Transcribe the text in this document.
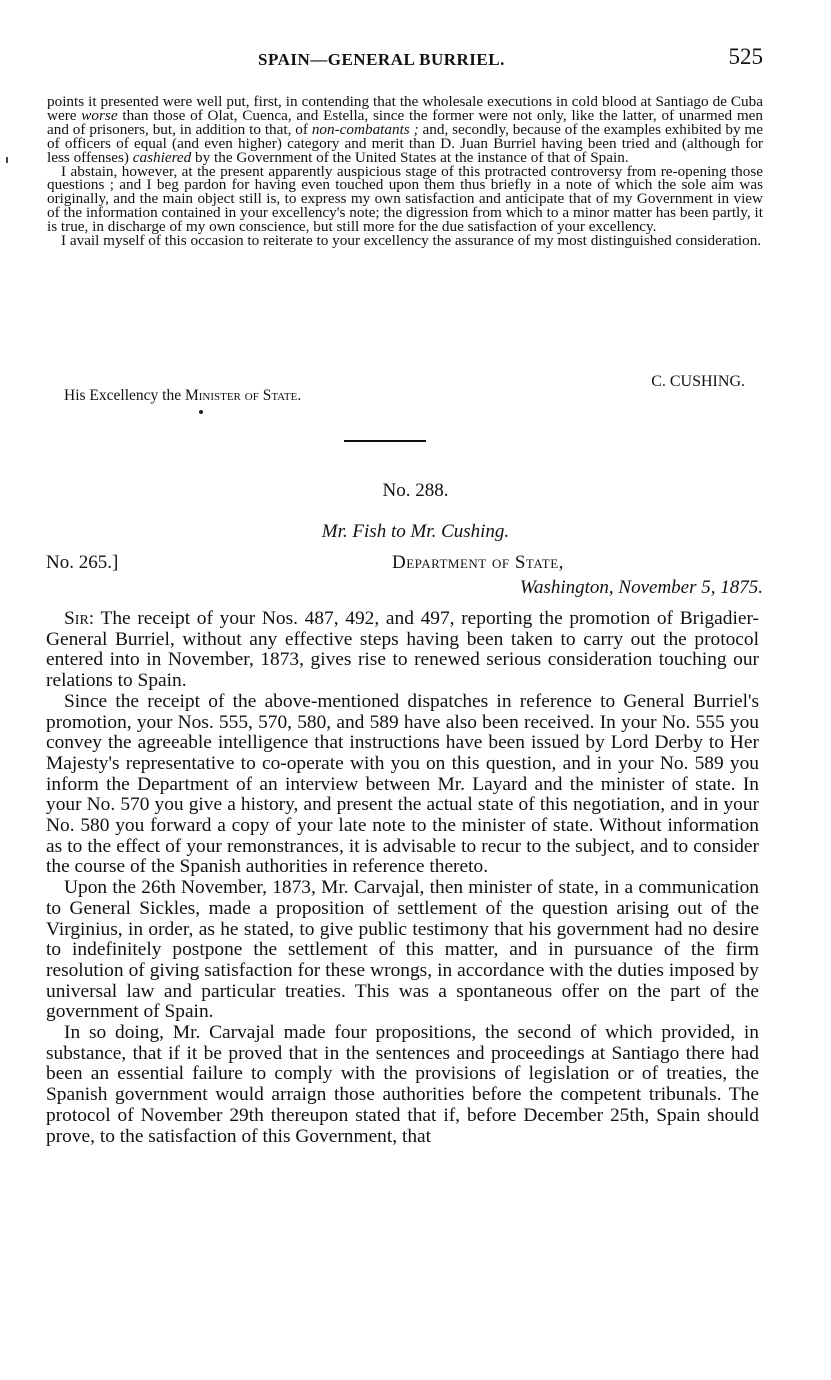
SPAIN—GENERAL BURRIEL.	525

points it presented were well put, first, in contending that the wholesale executions in cold blood at Santiago de Cuba were worse than those of Olat, Cuenca, and Estella, since the former were not only, like the latter, of unarmed men and of prisoners, but, in addition to that, of non-combatants ; and, secondly, because of the examples exhibited by me of officers of equal (and even higher) category and merit than D. Juan Burriel having been tried and (although for less offenses) cashiered by the Government of the United States at the instance of that of Spain.

I abstain, however, at the present apparently auspicious stage of this protracted controversy from re-opening those questions ; and I beg pardon for having even touched upon them thus briefly in a note of which the sole aim was originally, and the main object still is, to express my own satisfaction and anticipate that of my Government in view of the information contained in your excellency's note; the digression from which to a minor matter has been partly, it is true, in discharge of my own conscience, but still more for the due satisfaction of your excellency.

I avail myself of this occasion to reiterate to your excellency the assurance of my most distinguished consideration.

C. CUSHING.
His Excellency the Minister of State.
No. 288.
Mr. Fish to Mr. Cushing.
No. 265.]	Department of State,
Washington, November 5, 1875.

Sir: The receipt of your Nos. 487, 492, and 497, reporting the promotion of Brigadier-General Burriel, without any effective steps having been taken to carry out the protocol entered into in November, 1873, gives rise to renewed serious consideration touching our relations to Spain.

Since the receipt of the above-mentioned dispatches in reference to General Burriel's promotion, your Nos. 555, 570, 580, and 589 have also been received. In your No. 555 you convey the agreeable intelligence that instructions have been issued by Lord Derby to Her Majesty's representative to co-operate with you on this question, and in your No. 589 you inform the Department of an interview between Mr. Layard and the minister of state. In your No. 570 you give a history, and present the actual state of this negotiation, and in your No. 580 you forward a copy of your late note to the minister of state. Without information as to the effect of your remonstrances, it is advisable to recur to the subject, and to consider the course of the Spanish authorities in reference thereto.

Upon the 26th November, 1873, Mr. Carvajal, then minister of state, in a communication to General Sickles, made a proposition of settlement of the question arising out of the Virginius, in order, as he stated, to give public testimony that his government had no desire to indefinitely postpone the settlement of this matter, and in pursuance of the firm resolution of giving satisfaction for these wrongs, in accordance with the duties imposed by universal law and particular treaties. This was a spontaneous offer on the part of the government of Spain.

In so doing, Mr. Carvajal made four propositions, the second of which provided, in substance, that if it be proved that in the sentences and proceedings at Santiago there had been an essential failure to comply with the provisions of legislation or of treaties, the Spanish government would arraign those authorities before the competent tribunals. The protocol of November 29th thereupon stated that if, before December 25th, Spain should prove, to the satisfaction of this Government, that
